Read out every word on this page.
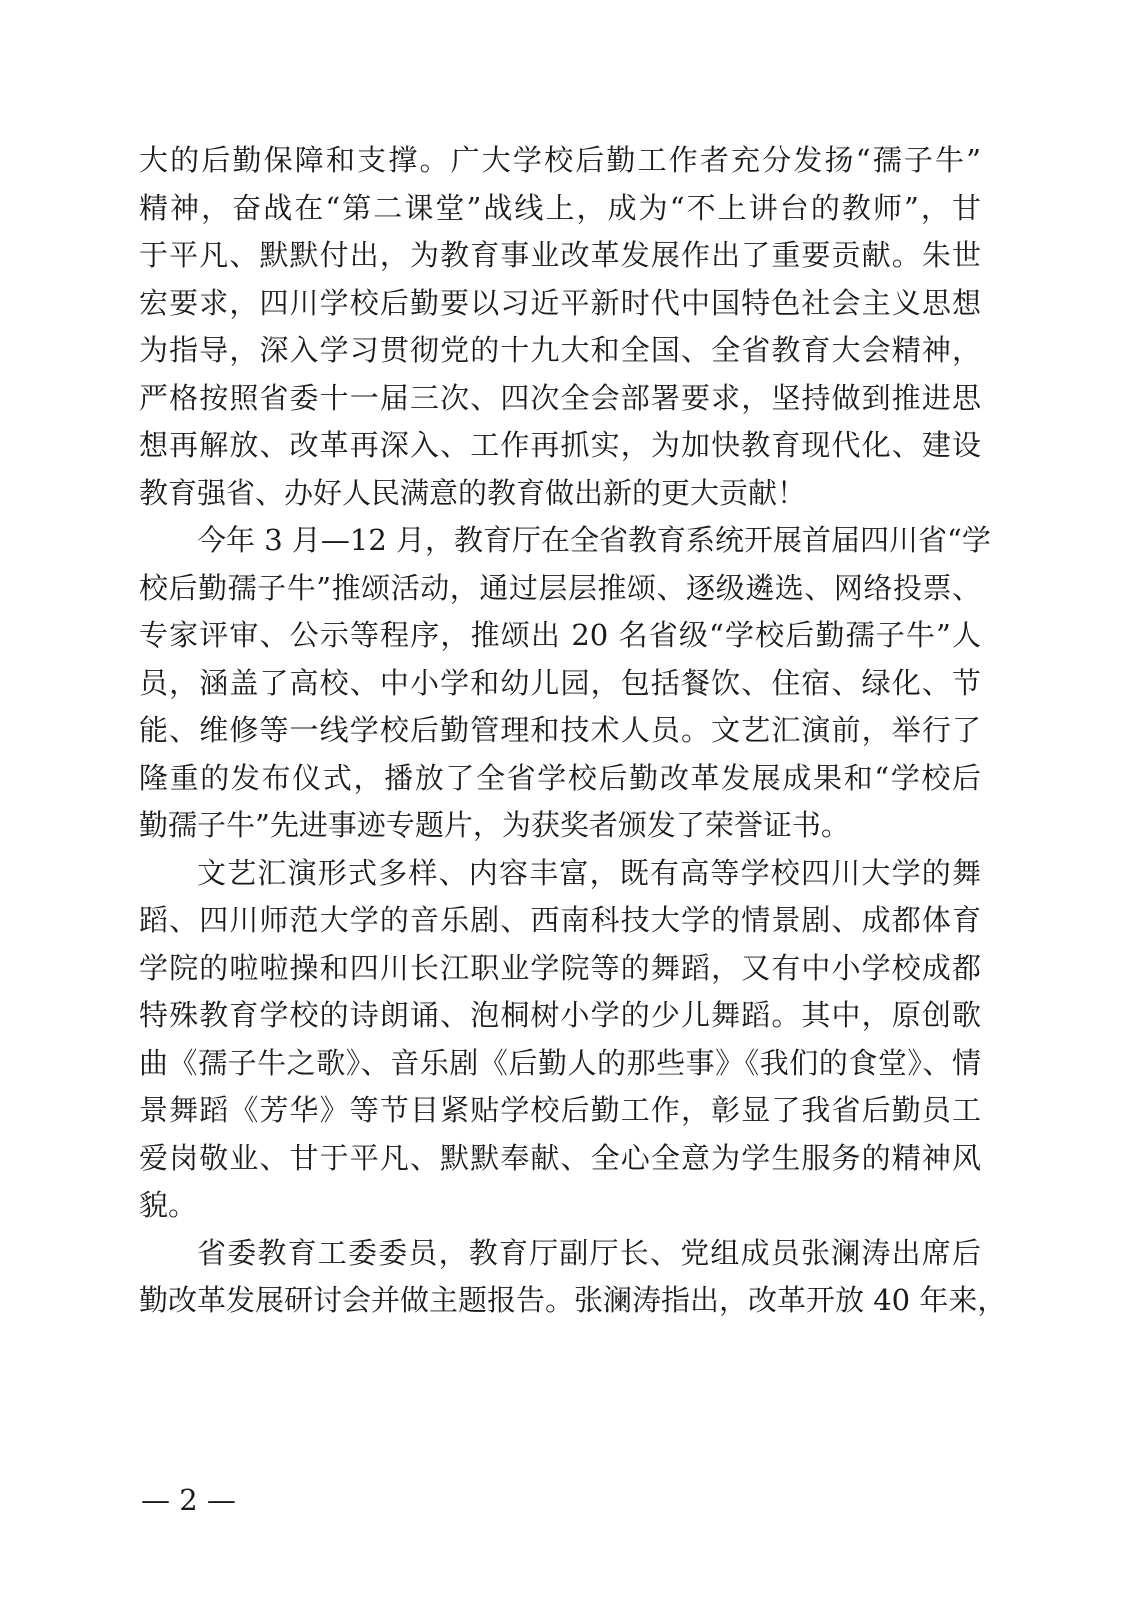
大的后勤保障和支撑。广大学校后勤工作者充分发扬“孺子牛”
精神，奋战在“第二课堂”战线上，成为“不上讲台的教师”，甘
于平凡、默默付出，为教育事业改革发展作出了重要贡献。朱世
宏要求，四川学校后勤要以习近平新时代中国特色社会主义思想
为指导，深入学习贯彻党的十九大和全国、全省教育大会精神，
严格按照省委十一届三次、四次全会部署要求，坚持做到推进思
想再解放、改革再深入、工作再抓实，为加快教育现代化、建设
教育强省、办好人民满意的教育做出新的更大贡献！
今年 3 月—12 月，教育厅在全省教育系统开展首届四川省“学
校后勤孺子牛”推颂活动，通过层层推颂、逐级遴选、网络投票、
专家评审、公示等程序，推颂出 20 名省级“学校后勤孺子牛”人
员，涵盖了高校、中小学和幼儿园，包括餐饮、住宿、绿化、节
能、维修等一线学校后勤管理和技术人员。文艺汇演前，举行了
隆重的发布仪式，播放了全省学校后勤改革发展成果和“学校后
勤孺子牛”先进事迹专题片，为获奖者颁发了荣誉证书。
文艺汇演形式多样、内容丰富，既有高等学校四川大学的舞
蹈、四川师范大学的音乐剧、西南科技大学的情景剧、成都体育
学院的啦啦操和四川长江职业学院等的舞蹈，又有中小学校成都
特殊教育学校的诗朗诵、泡桐树小学的少儿舞蹈。其中，原创歌
曲《孺子牛之歌》、音乐剧《后勤人的那些事》《我们的食堂》、情
景舞蹈《芳华》等节目紧贴学校后勤工作，彰显了我省后勤员工
爱岗敬业、甘于平凡、默默奉献、全心全意为学生服务的精神风
貌。
省委教育工委委员，教育厅副厅长、党组成员张澜涛出席后
勤改革发展研讨会并做主题报告。张澜涛指出，改革开放 40 年来，
— 2 —
